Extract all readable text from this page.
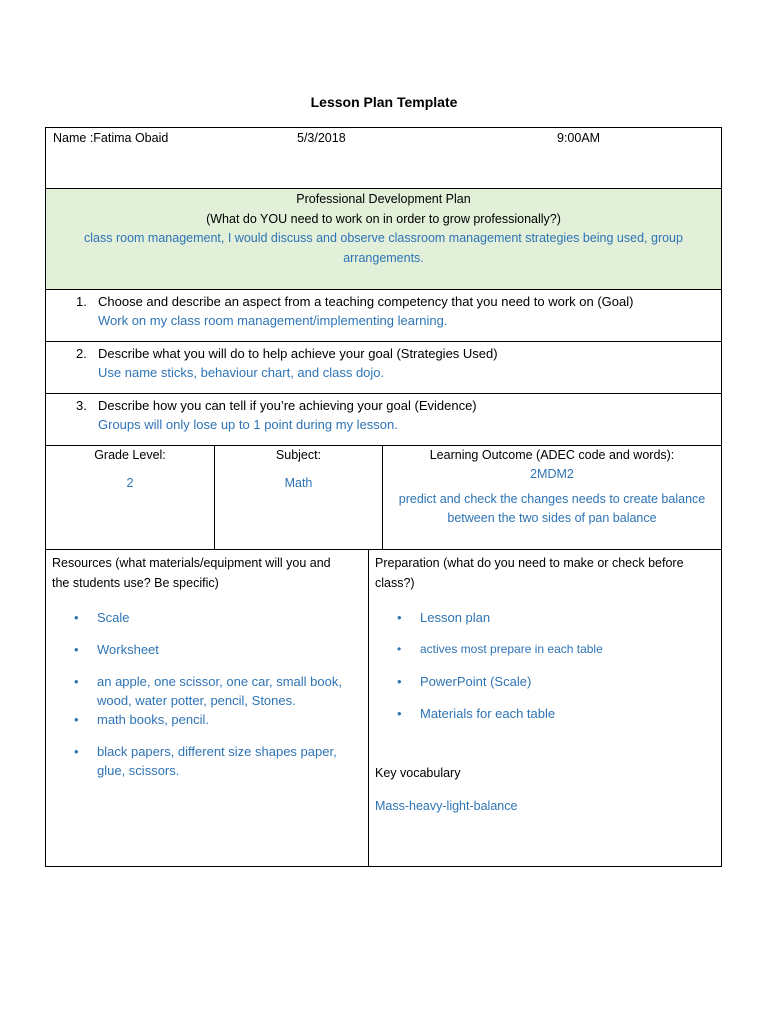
Lesson Plan Template
Name :Fatima Obaid	5/3/2018	9:00AM
Professional Development Plan
(What do YOU need to work on in order to grow professionally?)
class room management, I would discuss and observe classroom management strategies being used, group
arrangements.
1. Choose and describe an aspect from a teaching competency that you need to work on (Goal)
Work on my class room management/implementing learning.
2. Describe what you will do to help achieve your goal (Strategies Used)
Use name sticks, behaviour chart, and class dojo.
3. Describe how you can tell if you’re achieving your goal (Evidence)
Groups will only lose up to 1 point during my lesson.
Grade Level:
2
Subject:
Math
Learning Outcome (ADEC code and words):
2MDM2
predict and check the changes needs to create balance
between the two sides of pan balance
Resources (what materials/equipment will you and
the students use? Be specific)
• Scale
• Worksheet
• an apple, one scissor, one car, small book, wood, water potter, pencil, Stones.
• math books, pencil.
• black papers, different size shapes paper, glue, scissors.
Preparation (what do you need to make or check before
class?)
• Lesson plan
• actives most prepare in each table
• PowerPoint (Scale)
• Materials for each table
Key vocabulary
Mass-heavy-light-balance
